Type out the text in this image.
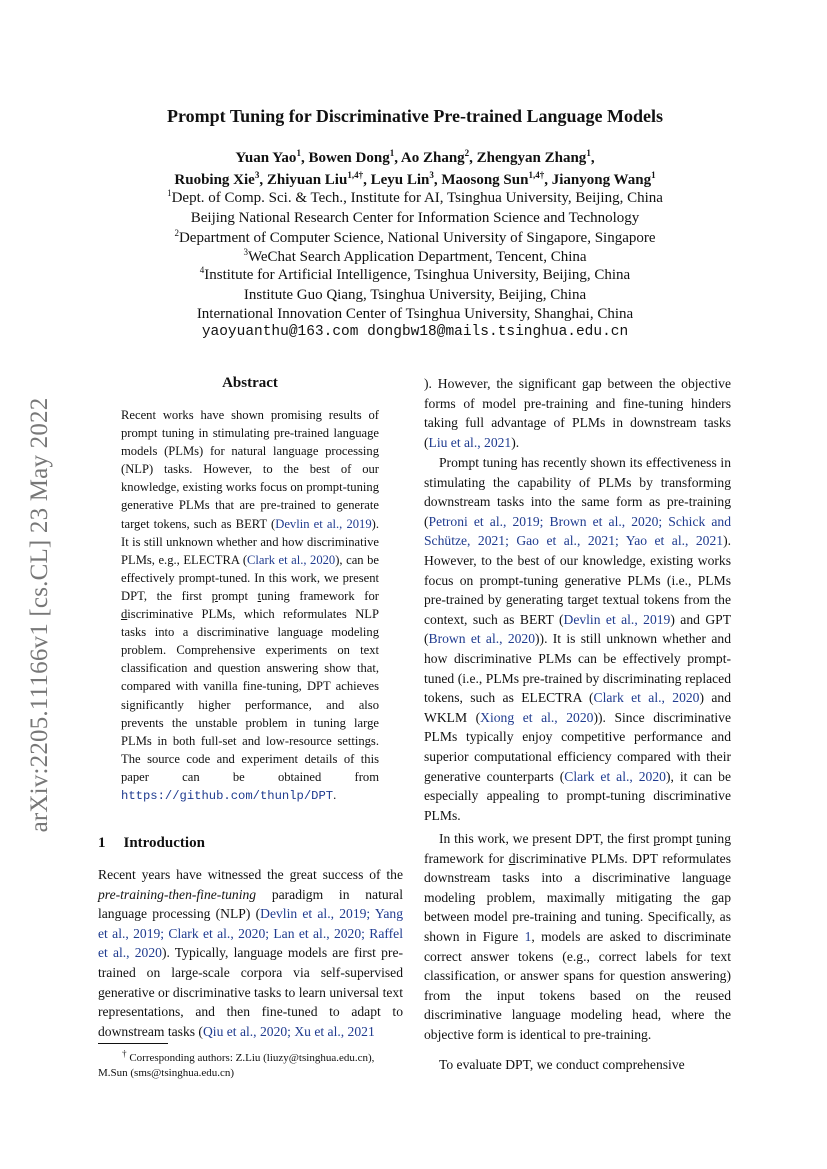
arXiv:2205.11166v1 [cs.CL] 23 May 2022
Prompt Tuning for Discriminative Pre-trained Language Models
Yuan Yao$^1$, Bowen Dong$^1$, Ao Zhang$^2$, Zhengyan Zhang$^1$,
Ruobing Xie$^3$, Zhiyuan Liu$^{1,4\dagger}$, Leyu Lin$^3$, Maosong Sun$^{1,4\dagger}$, Jianyong Wang$^1$
$^1$Dept. of Comp. Sci. & Tech., Institute for AI, Tsinghua University, Beijing, China
Beijing National Research Center for Information Science and Technology
$^2$Department of Computer Science, National University of Singapore, Singapore
$^3$WeChat Search Application Department, Tencent, China
$^4$Institute for Artificial Intelligence, Tsinghua University, Beijing, China
Institute Guo Qiang, Tsinghua University, Beijing, China
International Innovation Center of Tsinghua University, Shanghai, China
yaoyuanthu@163.com dongbw18@mails.tsinghua.edu.cn
Abstract

Recent works have shown promising results of prompt tuning in stimulating pre-trained language models (PLMs) for natural language processing (NLP) tasks. However, to the best of our knowledge, existing works focus on prompt-tuning generative PLMs that are pre-trained to generate target tokens, such as BERT (Devlin et al., 2019). It is still unknown whether and how discriminative PLMs, e.g., ELECTRA (Clark et al., 2020), can be effectively prompt-tuned. In this work, we present DPT, the first prompt tuning framework for discriminative PLMs, which reformulates NLP tasks into a discriminative language modeling problem. Comprehensive experiments on text classification and question answering show that, compared with vanilla fine-tuning, DPT achieves significantly higher performance, and also prevents the unstable problem in tuning large PLMs in both full-set and low-resource settings. The source code and experiment details of this paper can be obtained from https://github.com/thunlp/DPT.

1 Introduction

Recent years have witnessed the great success of the pre-training-then-fine-tuning paradigm in natural language processing (NLP) (Devlin et al., 2019; Yang et al., 2019; Clark et al., 2020; Lan et al., 2020; Raffel et al., 2020). Typically, language models are first pre-trained on large-scale corpora via self-supervised generative or discriminative tasks to learn universal text representations, and then fine-tuned to adapt to downstream tasks (Qiu et al., 2020; Xu et al., 2021

† Corresponding authors: Z.Liu (liuzy@tsinghua.edu.cn),
M.Sun (sms@tsinghua.edu.cn)

). However, the significant gap between the objective forms of model pre-training and fine-tuning hinders taking full advantage of PLMs in downstream tasks (Liu et al., 2021).

Prompt tuning has recently shown its effectiveness in stimulating the capability of PLMs by transforming downstream tasks into the same form as pre-training (Petroni et al., 2019; Brown et al., 2020; Schick and Schütze, 2021; Gao et al., 2021; Yao et al., 2021). However, to the best of our knowledge, existing works focus on prompt-tuning generative PLMs (i.e., PLMs pre-trained by generating target textual tokens from the context, such as BERT (Devlin et al., 2019) and GPT (Brown et al., 2020)). It is still unknown whether and how discriminative PLMs can be effectively prompt-tuned (i.e., PLMs pre-trained by discriminating replaced tokens, such as ELECTRA (Clark et al., 2020) and WKLM (Xiong et al., 2020)). Since discriminative PLMs typically enjoy competitive performance and superior computational efficiency compared with their generative counterparts (Clark et al., 2020), it can be especially appealing to prompt-tuning discriminative PLMs.

In this work, we present DPT, the first prompt tuning framework for discriminative PLMs. DPT reformulates downstream tasks into a discriminative language modeling problem, maximally mitigating the gap between model pre-training and tuning. Specifically, as shown in Figure 1, models are asked to discriminate correct answer tokens (e.g., correct labels for text classification, or answer spans for question answering) from the input tokens based on the reused discriminative language modeling head, where the objective form is identical to pre-training.

To evaluate DPT, we conduct comprehensive
